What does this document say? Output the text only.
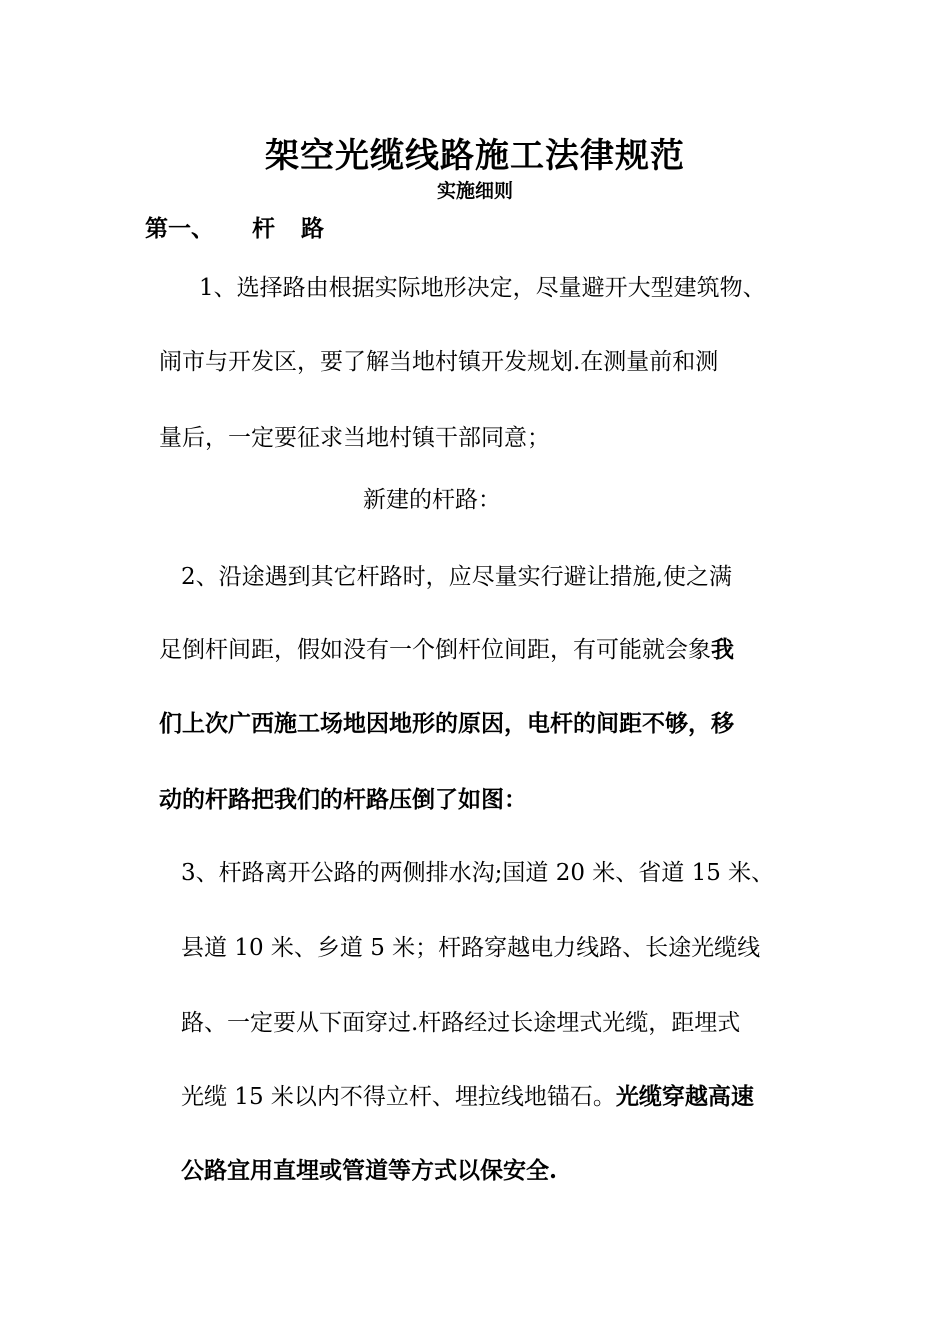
架空光缆线路施工法律规范
实施细则
第一、 杆 路
1、选择路由根据实际地形决定，尽量避开大型建筑物、
闹市与开发区，要了解当地村镇开发规划.在测量前和测
量后，一定要征求当地村镇干部同意；
新建的杆路：
2、沿途遇到其它杆路时，应尽量实行避让措施,使之满
足倒杆间距，假如没有一个倒杆位间距，有可能就会象我
们上次广西施工场地因地形的原因，电杆的间距不够，移
动的杆路把我们的杆路压倒了如图：
3、杆路离开公路的两侧排水沟;国道 20 米、省道 15 米、
县道 10 米、乡道 5 米；杆路穿越电力线路、长途光缆线
路、一定要从下面穿过.杆路经过长途埋式光缆，距埋式
光缆 15 米以内不得立杆、埋拉线地锚石。光缆穿越高速
公路宜用直埋或管道等方式以保安全.
